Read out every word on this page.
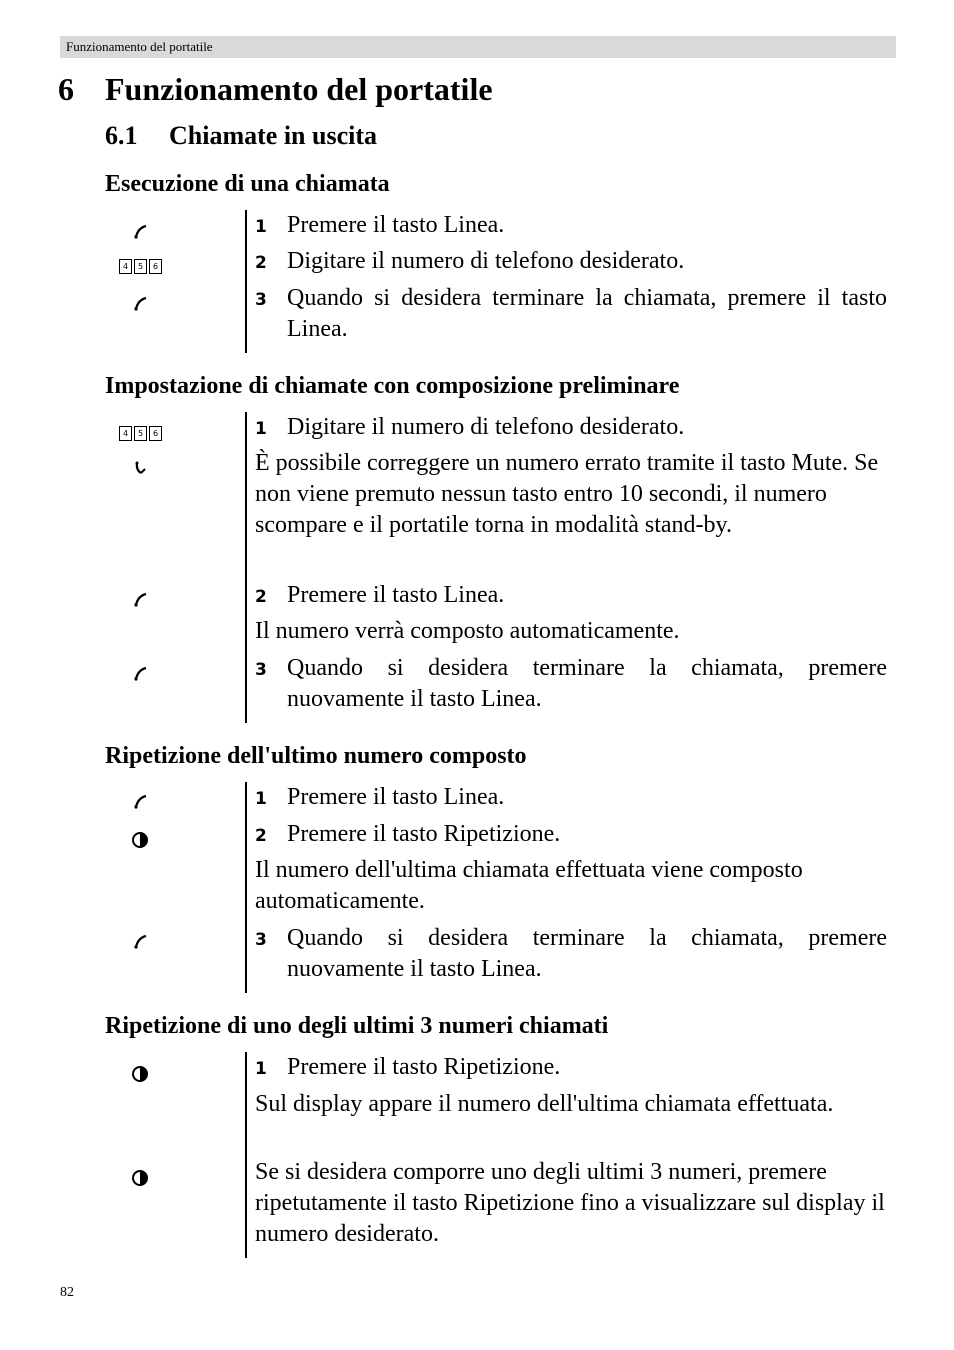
Funzionamento del portatile
6 Funzionamento del portatile
6.1 Chiamate in uscita
Esecuzione di una chiamata
4	5	6
1 Premere il tasto Linea.
2 Digitare il numero di telefono desiderato.
3 Quando si desidera terminare la chiamata, premere il tasto Linea.
Impostazione di chiamate con composizione preliminare
4	5	6	1 Digitare il numero di telefono desiderato.
È possibile correggere un numero errato tramite il tasto Mute. Se non viene premuto nessun tasto entro 10 secondi, il numero scompare e il portatile torna in modalità stand-by.
2 Premere il tasto Linea.
Il numero verrà composto automaticamente.
3 Quando si desidera terminare la chiamata, premere nuovamente il tasto Linea.
Ripetizione dell'ultimo numero composto
1 Premere il tasto Linea.
2 Premere il tasto Ripetizione.
Il numero dell'ultima chiamata effettuata viene composto automaticamente.
3 Quando si desidera terminare la chiamata, premere nuovamente il tasto Linea.
Ripetizione di uno degli ultimi 3 numeri chiamati
1 Premere il tasto Ripetizione.
Sul display appare il numero dell'ultima chiamata effettuata.
Se si desidera comporre uno degli ultimi 3 numeri, premere ripetutamente il tasto Ripetizione fino a visualizzare sul display il numero desiderato.
82
